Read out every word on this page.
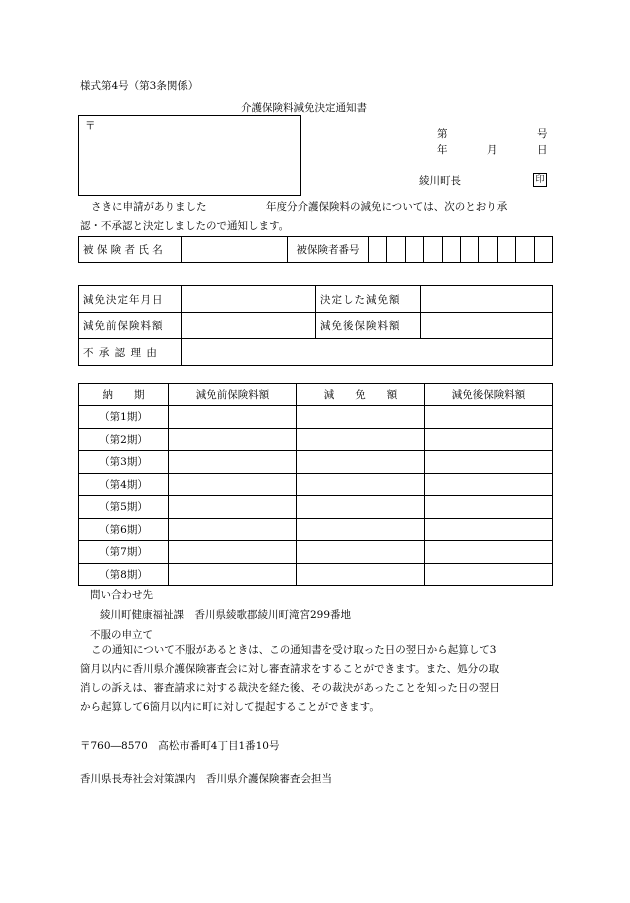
様式第4号（第3条関係）
介護保険料減免決定通知書
〒
第	号
年	月	日
綾川町長	印
さきに申請がありました	年度分介護保険料の減免については、次のとおり承
認・不承認と決定しましたので通知します。
被 保 険 者 氏 名		被保険者番号										
減免決定年月日		決定した減免額	
減免前保険料額		減免後保険料額	
不 承 認 理 由			
納　　期	減免前保険料額	減　　免　　額	減免後保険料額
（第1期）			
（第2期）			
（第3期）			
（第4期）			
（第5期）			
（第6期）			
（第7期）			
（第8期）			
問い合わせ先
綾川町健康福祉課　香川県綾歌郡綾川町滝宮299番地
不服の申立て
この通知について不服があるときは、この通知書を受け取った日の翌日から起算して3
箇月以内に香川県介護保険審査会に対し審査請求をすることができます。また、処分の取
消しの訴えは、審査請求に対する裁決を経た後、その裁決があったことを知った日の翌日
から起算して6箇月以内に町に対して提起することができます。
〒760―8570　高松市番町4丁目1番10号
香川県長寿社会対策課内　香川県介護保険審査会担当
